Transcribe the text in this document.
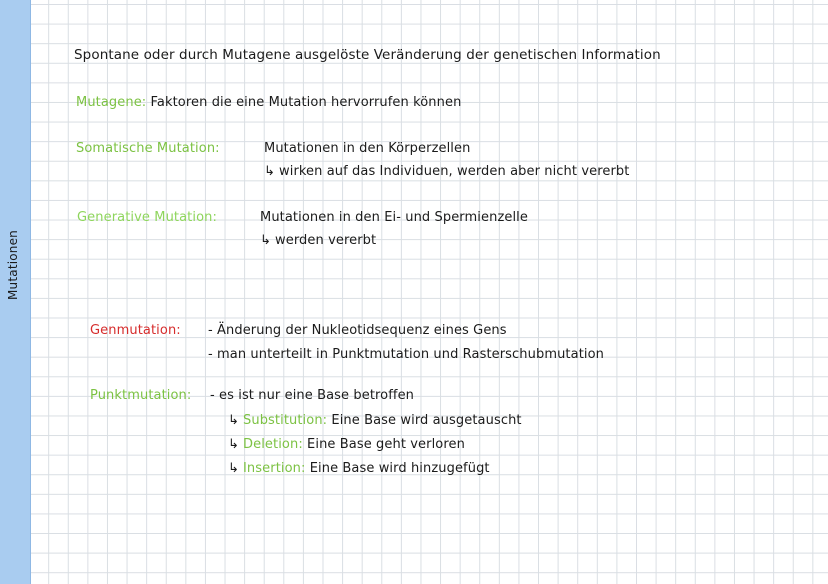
Mutationen
Spontane oder durch Mutagene ausgelöste Veränderung der genetischen Information
Mutagene: Faktoren die eine Mutation hervorrufen können
Somatische Mutation:	Mutationen in den Körperzellen
↳ wirken auf das Individuen, werden aber nicht vererbt
Generative Mutation:	Mutationen in den Ei- und Spermienzelle
↳ werden vererbt
Genmutation: - Änderung der Nukleotidsequenz eines Gens
- man unterteilt in Punktmutation und Rasterschubmutation
Punktmutation: - es ist nur eine Base betroffen
↳ Substitution: Eine Base wird ausgetauscht
↳ Deletion: Eine Base geht verloren
↳ Insertion: Eine Base wird hinzugefügt
